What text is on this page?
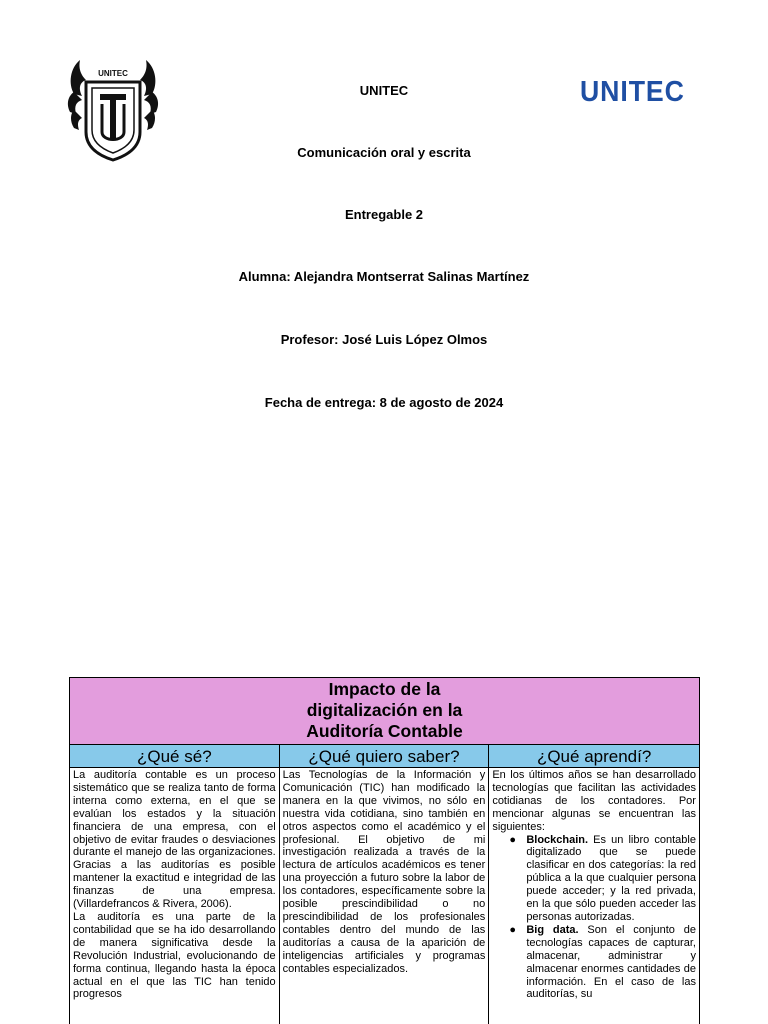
UNITEC
UNITEC
UNITEC
Comunicación oral y escrita
Entregable 2
Alumna: Alejandra Montserrat Salinas Martínez
Profesor: José Luis López Olmos
Fecha de entrega: 8 de agosto de 2024
Impacto de la
digitalización en la
Auditoría Contable
¿Qué sé?

La auditoría contable es un proceso sistemático que se realiza tanto de forma interna como externa, en el que se evalúan los estados y la situación financiera de una empresa, con el objetivo de evitar fraudes o desviaciones durante el manejo de las organizaciones. Gracias a las auditorías es posible mantener la exactitud e integridad de las finanzas de una empresa. (Villardefrancos & Rivera, 2006).

La auditoría es una parte de la contabilidad que se ha ido desarrollando de manera significativa desde la Revolución Industrial, evolucionando de forma continua, llegando hasta la época actual en el que las TIC han tenido progresos

¿Qué quiero saber?

Las Tecnologías de la Información y Comunicación (TIC) han modificado la manera en la que vivimos, no sólo en nuestra vida cotidiana, sino también en otros aspectos como el académico y el profesional. El objetivo de mi investigación realizada a través de la lectura de artículos académicos es tener una proyección a futuro sobre la labor de los contadores, específicamente sobre la posible prescindibilidad o no prescindibilidad de los profesionales contables dentro del mundo de las auditorías a causa de la aparición de inteligencias artificiales y programas contables especializados.

¿Qué aprendí?

En los últimos años se han desarrollado tecnologías que facilitan las actividades cotidianas de los contadores. Por mencionar algunas se encuentran las siguientes:

● Blockchain. Es un libro contable digitalizado que se puede clasificar en dos categorías: la red pública a la que cualquier persona puede acceder; y la red privada, en la que sólo pueden acceder las personas autorizadas.
● Big data. Son el conjunto de tecnologías capaces de capturar, almacenar, administrar y almacenar enormes cantidades de información. En el caso de las auditorías, su
